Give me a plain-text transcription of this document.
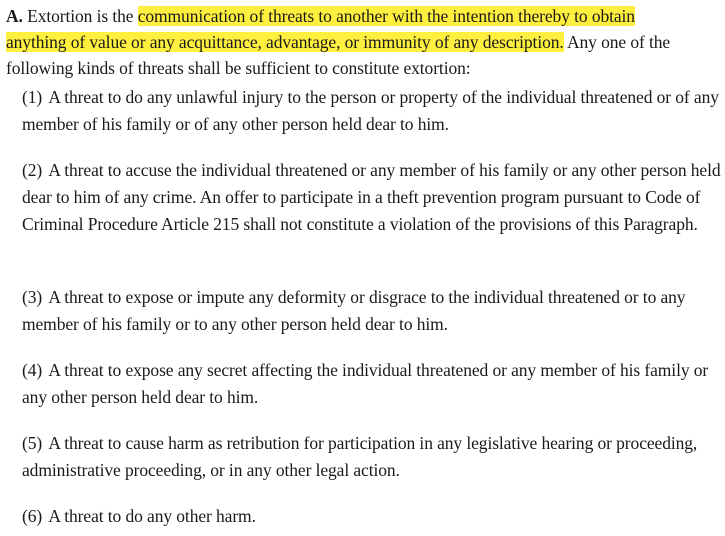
A. Extortion is the communication of threats to another with the intention thereby to obtain
anything of value or any acquittance, advantage, or immunity of any description. Any one of the following kinds of threats shall be sufficient to constitute extortion:
(1) A threat to do any unlawful injury to the person or property of the individual threatened or of any member of his family or of any other person held dear to him.
(2) A threat to accuse the individual threatened or any member of his family or any other person held dear to him of any crime. An offer to participate in a theft prevention program pursuant to Code of Criminal Procedure Article 215 shall not constitute a violation of the provisions of this Paragraph.
(3) A threat to expose or impute any deformity or disgrace to the individual threatened or to any member of his family or to any other person held dear to him.
(4) A threat to expose any secret affecting the individual threatened or any member of his family or any other person held dear to him.
(5) A threat to cause harm as retribution for participation in any legislative hearing or proceeding, administrative proceeding, or in any other legal action.
(6) A threat to do any other harm.
